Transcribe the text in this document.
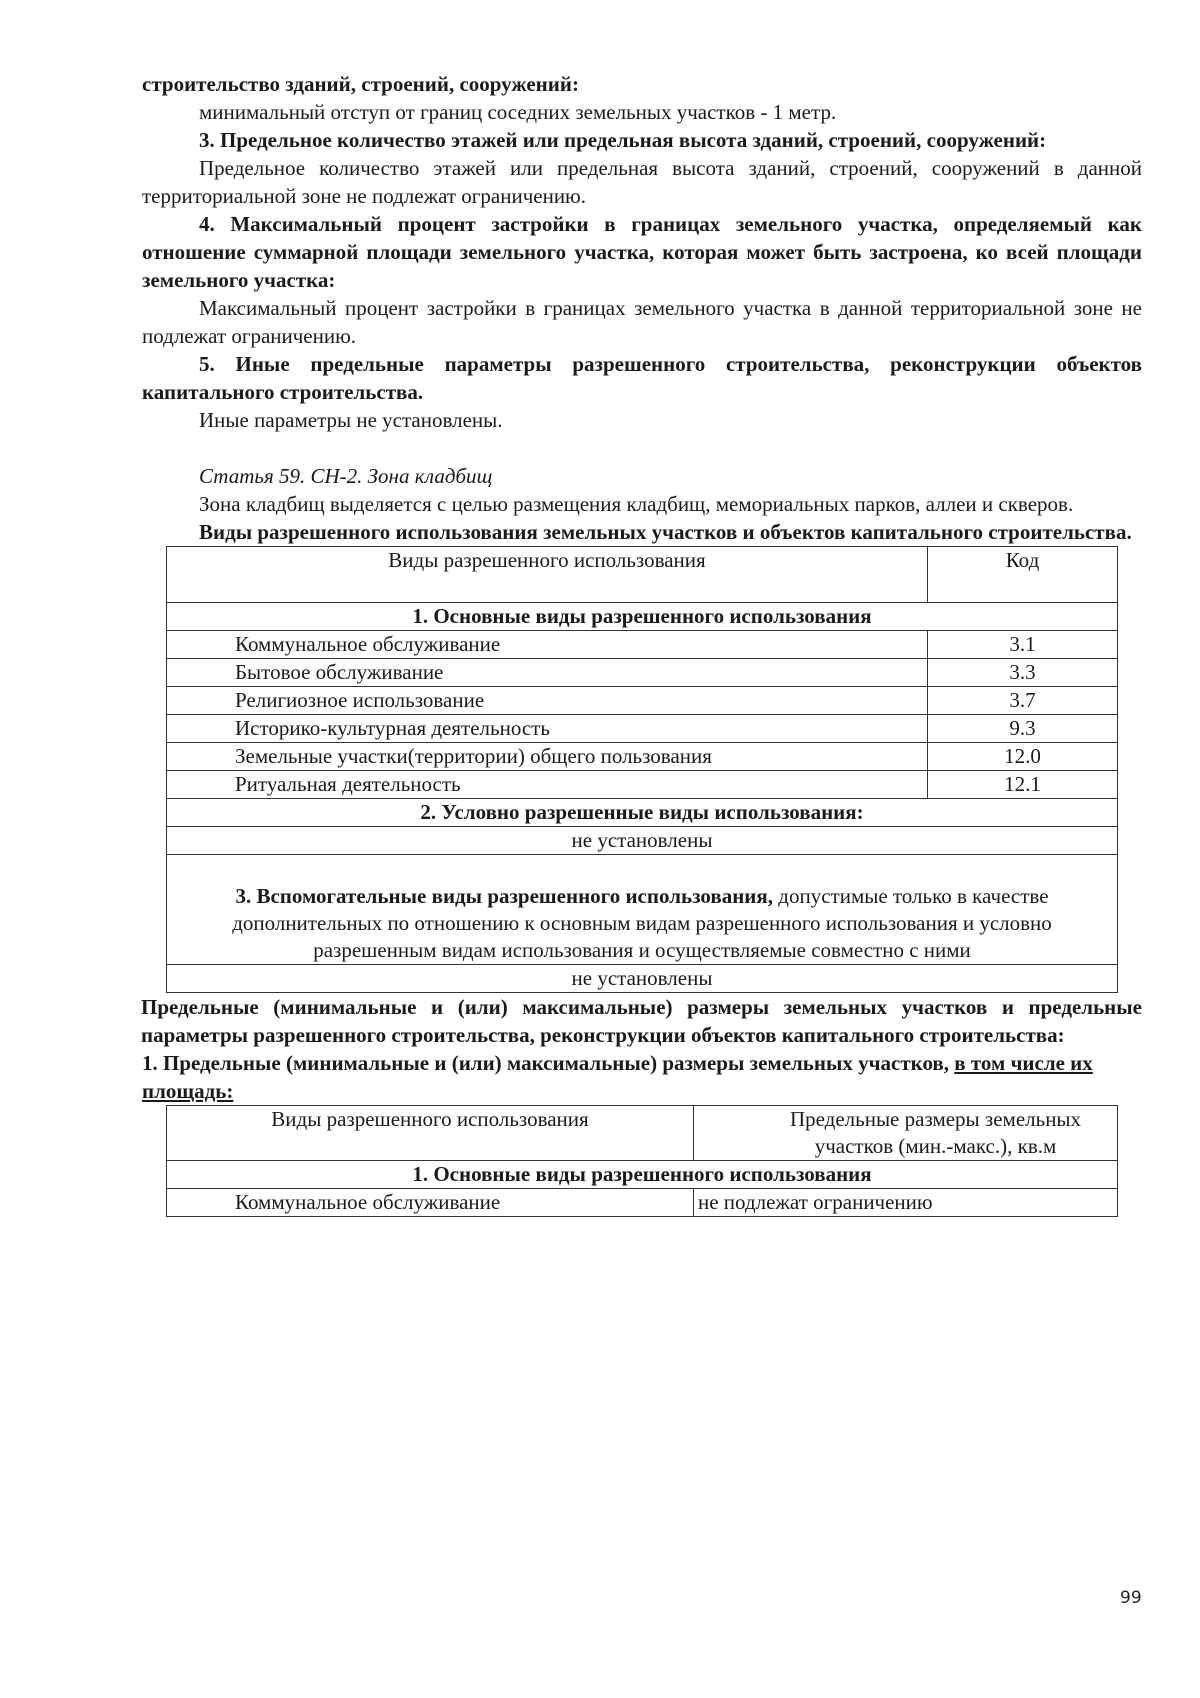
строительство зданий, строений, сооружений:

минимальный отступ от границ соседних земельных участков - 1 метр.

3. Предельное количество этажей или предельная высота зданий, строений, сооружений:

Предельное количество этажей или предельная высота зданий, строений, сооружений в данной территориальной зоне не подлежат ограничению.

4. Максимальный процент застройки в границах земельного участка, определяемый как отношение суммарной площади земельного участка, которая может быть застроена, ко всей площади земельного участка:

Максимальный процент застройки в границах земельного участка в данной территориальной зоне не подлежат ограничению.

5. Иные предельные параметры разрешенного строительства, реконструкции объектов капитального строительства.

Иные параметры не установлены.

Статья 59. СН-2. Зона кладбищ

Зона кладбищ выделяется с целью размещения кладбищ, мемориальных парков, аллеи и скверов.

Виды разрешенного использования земельных участков и объектов капитального строительства.

Виды разрешенного использования	Код
1. Основные виды разрешенного использования	
Коммунальное обслуживание	3.1
Бытовое обслуживание	3.3
Религиозное использование	3.7
Историко-культурная деятельность	9.3
Земельные участки(территории) общего пользования	12.0
Ритуальная деятельность	12.1
2. Условно разрешенные виды использования:	
не установлены	
3. Вспомогательные виды разрешенного использования, допустимые только в качестве дополнительных по отношению к основным видам разрешенного использования и условно разрешенным видам использования и осуществляемые совместно с ними	
не установлены	

Предельные (минимальные и (или) максимальные) размеры земельных участков и предельные параметры разрешенного строительства, реконструкции объектов капитального строительства:

1. Предельные (минимальные и (или) максимальные) размеры земельных участков, в том числе их площадь:

Виды разрешенного использования	Предельные размеры земельных участков (мин.-макс.), кв.м
1. Основные виды разрешенного использования	
Коммунальное обслуживание	не подлежат ограничению
99
